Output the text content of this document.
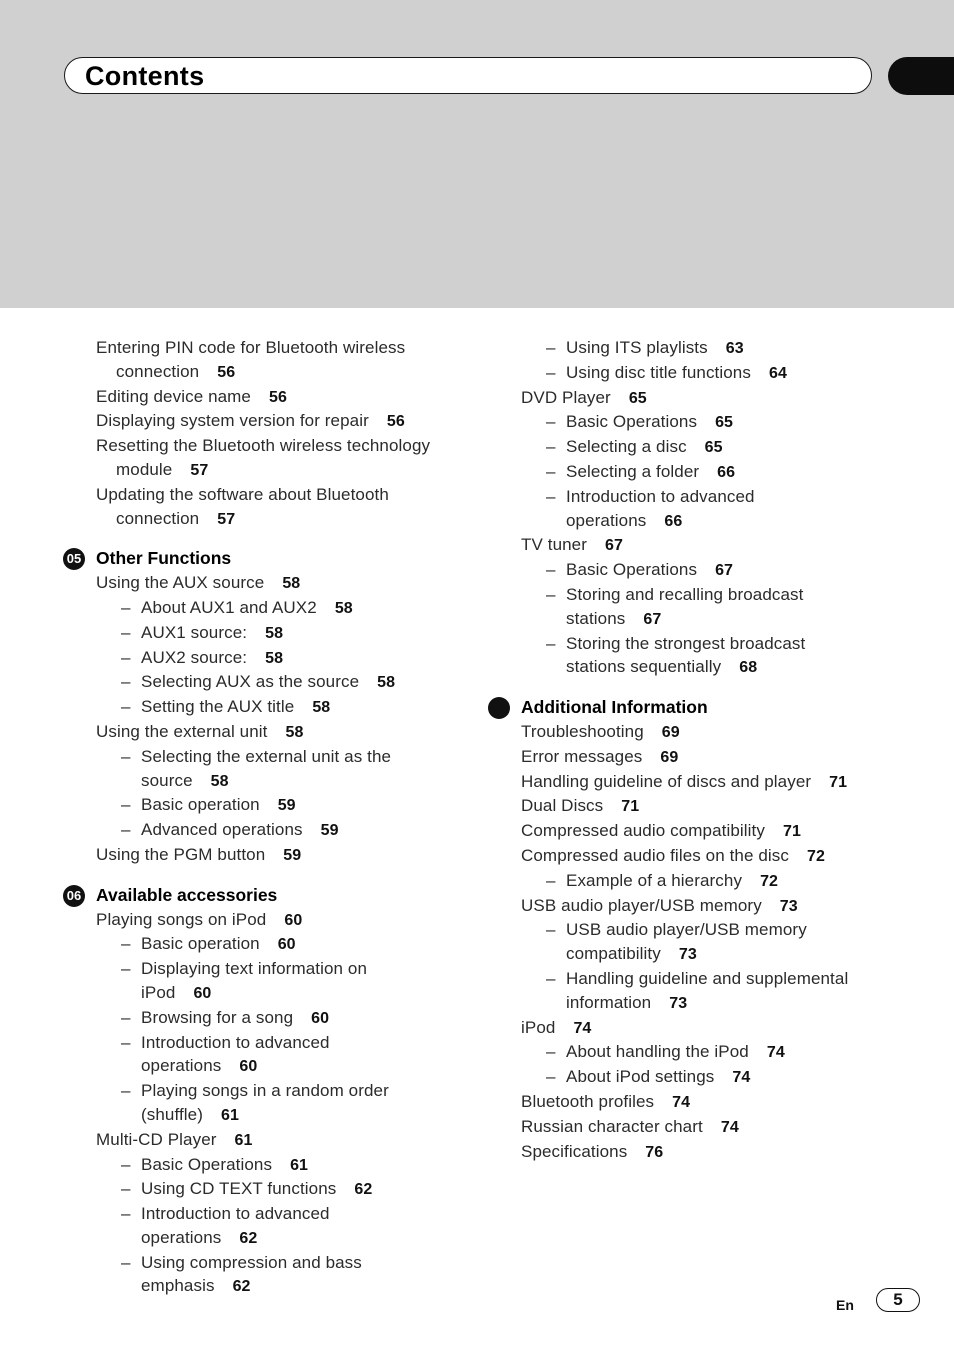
Contents
Entering PIN code for Bluetooth wireless
connection 56
Editing device name 56
Displaying system version for repair 56
Resetting the Bluetooth wireless technology
module 57
Updating the software about Bluetooth
connection 57
05 Other Functions
Using the AUX source 58
– About AUX1 and AUX2 58
– AUX1 source: 58
– AUX2 source: 58
– Selecting AUX as the source 58
– Setting the AUX title 58
Using the external unit 58
– Selecting the external unit as the
source 58
– Basic operation 59
– Advanced operations 59
Using the PGM button 59
06 Available accessories
Playing songs on iPod 60
– Basic operation 60
– Displaying text information on
iPod 60
– Browsing for a song 60
– Introduction to advanced
operations 60
– Playing songs in a random order
(shuffle) 61
Multi-CD Player 61
– Basic Operations 61
– Using CD TEXT functions 62
– Introduction to advanced
operations 62
– Using compression and bass
emphasis 62
– Using ITS playlists 63
– Using disc title functions 64
DVD Player 65
– Basic Operations 65
– Selecting a disc 65
– Selecting a folder 66
– Introduction to advanced
operations 66
TV tuner 67
– Basic Operations 67
– Storing and recalling broadcast
stations 67
– Storing the strongest broadcast
stations sequentially 68
Additional Information
Troubleshooting 69
Error messages 69
Handling guideline of discs and player 71
Dual Discs 71
Compressed audio compatibility 71
Compressed audio files on the disc 72
– Example of a hierarchy 72
USB audio player/USB memory 73
– USB audio player/USB memory
compatibility 73
– Handling guideline and supplemental
information 73
iPod 74
– About handling the iPod 74
– About iPod settings 74
Bluetooth profiles 74
Russian character chart 74
Specifications 76
En	5
